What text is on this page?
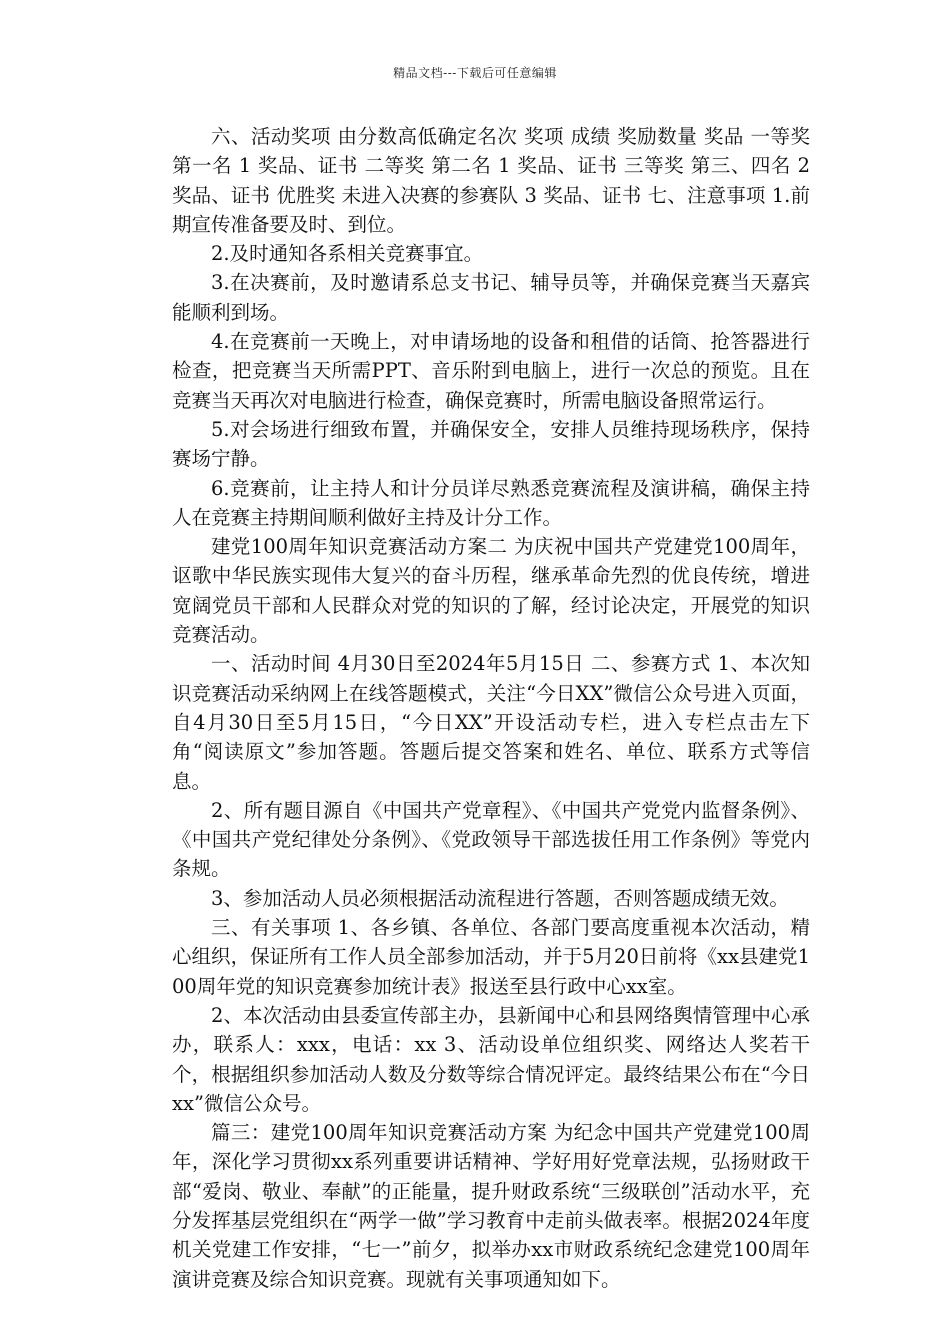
精品文档---下载后可任意编辑

六、活动奖项 由分数高低确定名次 奖项 成绩 奖励数量 奖品 一等奖 第一名 1 奖品、证书 二等奖 第二名 1 奖品、证书 三等奖 第三、四名 2 奖品、证书 优胜奖 未进入决赛的参赛队 3 奖品、证书 七、注意事项 1.前期宣传准备要及时、到位。

2.及时通知各系相关竞赛事宜。

3.在决赛前，及时邀请系总支书记、辅导员等，并确保竞赛当天嘉宾能顺利到场。

4.在竞赛前一天晚上，对申请场地的设备和租借的话筒、抢答器进行检查，把竞赛当天所需PPT、音乐附到电脑上，进行一次总的预览。且在竞赛当天再次对电脑进行检查，确保竞赛时，所需电脑设备照常运行。

5.对会场进行细致布置，并确保安全，安排人员维持现场秩序，保持赛场宁静。

6.竞赛前，让主持人和计分员详尽熟悉竞赛流程及演讲稿，确保主持人在竞赛主持期间顺利做好主持及计分工作。

建党100周年知识竞赛活动方案二 为庆祝中国共产党建党100周年，讴歌中华民族实现伟大复兴的奋斗历程，继承革命先烈的优良传统，增进宽阔党员干部和人民群众对党的知识的了解，经讨论决定，开展党的知识竞赛活动。

一、活动时间 4月30日至2024年5月15日 二、参赛方式 1、本次知识竞赛活动采纳网上在线答题模式，关注“今日XX”微信公众号进入页面，自4月30日至5月15日，“今日XX”开设活动专栏，进入专栏点击左下角“阅读原文”参加答题。答题后提交答案和姓名、单位、联系方式等信息。

2、所有题目源自《中国共产党章程》、《中国共产党党内监督条例》、《中国共产党纪律处分条例》、《党政领导干部选拔任用工作条例》等党内条规。

3、参加活动人员必须根据活动流程进行答题，否则答题成绩无效。

三、有关事项 1、各乡镇、各单位、各部门要高度重视本次活动，精心组织，保证所有工作人员全部参加活动，并于5月20日前将《xx县建党100周年党的知识竞赛参加统计表》报送至县行政中心xx室。

2、本次活动由县委宣传部主办，县新闻中心和县网络舆情管理中心承办，联系人：xxx，电话：xx 3、活动设单位组织奖、网络达人奖若干个，根据组织参加活动人数及分数等综合情况评定。最终结果公布在“今日xx”微信公众号。

篇三：建党100周年知识竞赛活动方案 为纪念中国共产党建党100周年，深化学习贯彻xx系列重要讲话精神、学好用好党章法规，弘扬财政干部“爱岗、敬业、奉献”的正能量，提升财政系统“三级联创”活动水平，充分发挥基层党组织在“两学一做”学习教育中走前头做表率。根据2024年度机关党建工作安排，“七一”前夕，拟举办xx市财政系统纪念建党100周年演讲竞赛及综合知识竞赛。现就有关事项通知如下。
